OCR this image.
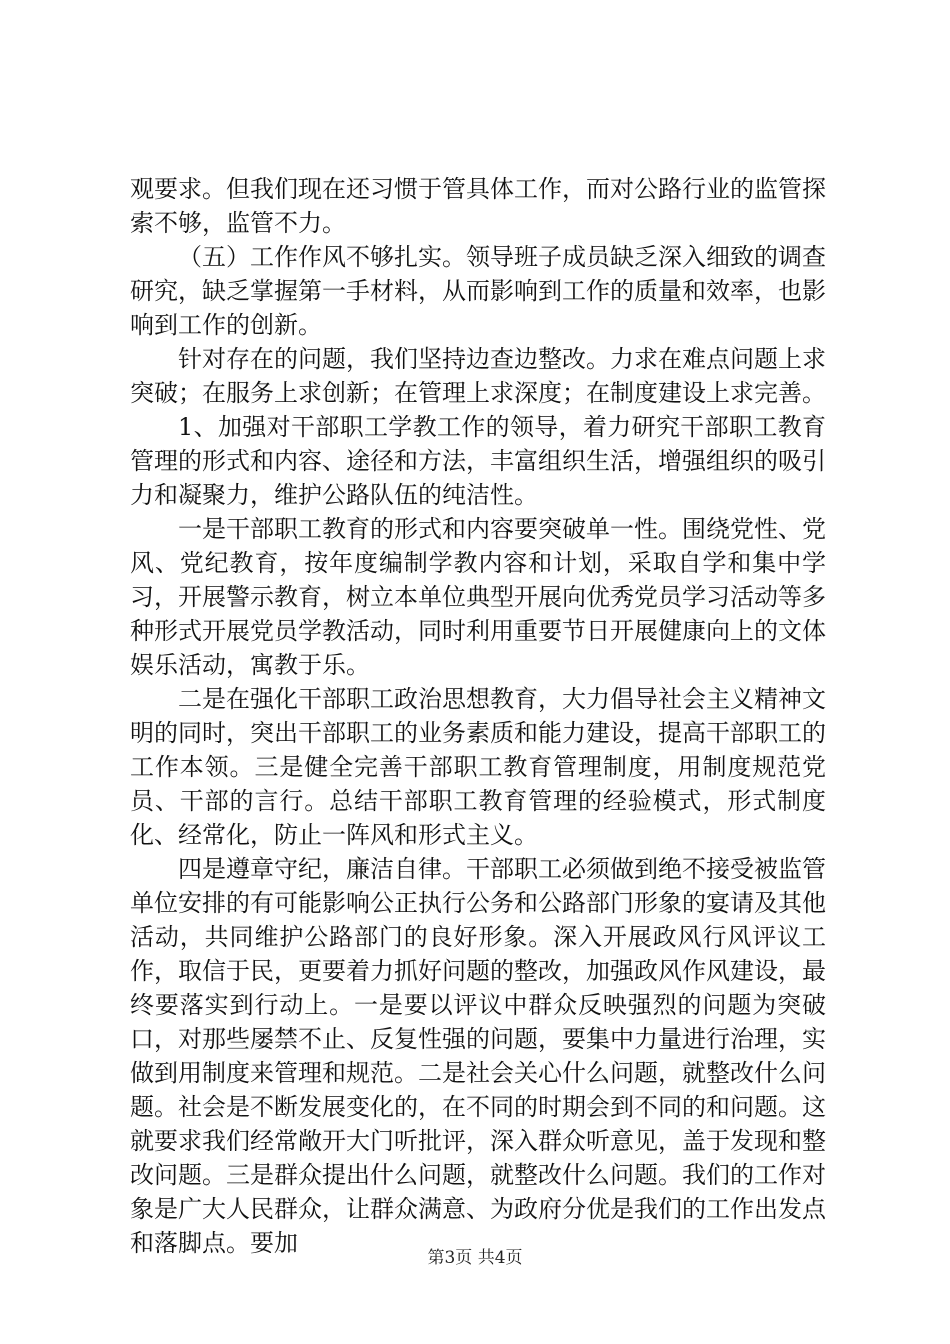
观要求。但我们现在还习惯于管具体工作，而对公路行业的监管探索不够，监管不力。

（五）工作作风不够扎实。领导班子成员缺乏深入细致的调查研究，缺乏掌握第一手材料，从而影响到工作的质量和效率，也影响到工作的创新。

针对存在的问题，我们坚持边查边整改。力求在难点问题上求突破；在服务上求创新；在管理上求深度；在制度建设上求完善。

1、加强对干部职工学教工作的领导，着力研究干部职工教育管理的形式和内容、途径和方法，丰富组织生活，增强组织的吸引力和凝聚力，维护公路队伍的纯洁性。

一是干部职工教育的形式和内容要突破单一性。围绕党性、党风、党纪教育，按年度编制学教内容和计划，采取自学和集中学习，开展警示教育，树立本单位典型开展向优秀党员学习活动等多种形式开展党员学教活动，同时利用重要节日开展健康向上的文体娱乐活动，寓教于乐。

二是在强化干部职工政治思想教育，大力倡导社会主义精神文明的同时，突出干部职工的业务素质和能力建设，提高干部职工的工作本领。三是健全完善干部职工教育管理制度，用制度规范党员、干部的言行。总结干部职工教育管理的经验模式，形式制度化、经常化，防止一阵风和形式主义。

四是遵章守纪，廉洁自律。干部职工必须做到绝不接受被监管单位安排的有可能影响公正执行公务和公路部门形象的宴请及其他活动，共同维护公路部门的良好形象。深入开展政风行风评议工作，取信于民，更要着力抓好问题的整改，加强政风作风建设，最终要落实到行动上。一是要以评议中群众反映强烈的问题为突破口，对那些屡禁不止、反复性强的问题，要集中力量进行治理，实做到用制度来管理和规范。二是社会关心什么问题，就整改什么问题。社会是不断发展变化的，在不同的时期会到不同的和问题。这就要求我们经常敞开大门听批评，深入群众听意见，盖于发现和整改问题。三是群众提出什么问题，就整改什么问题。我们的工作对象是广大人民群众，让群众满意、为政府分优是我们的工作出发点和落脚点。要加

第3页 共4页
